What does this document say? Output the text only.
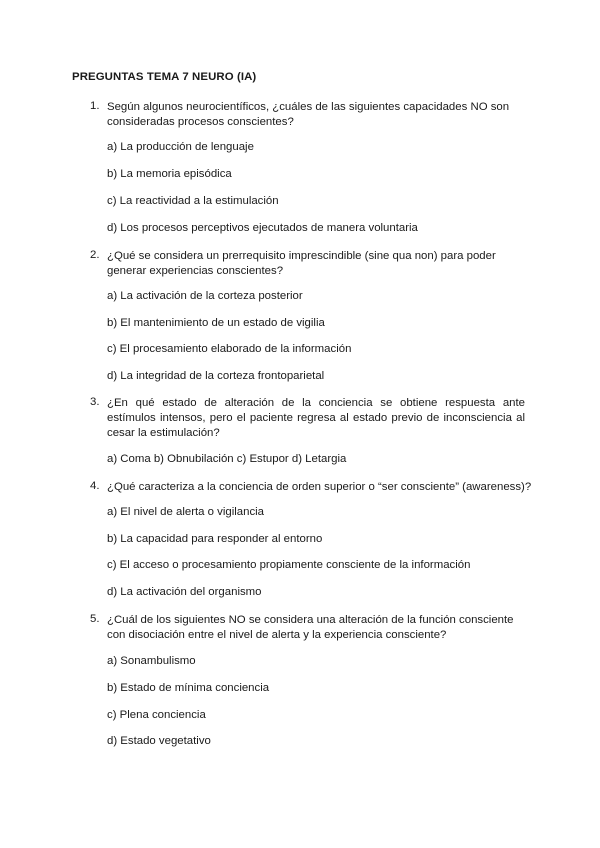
PREGUNTAS TEMA 7 NEURO (IA)
1. Según algunos neurocientíficos, ¿cuáles de las siguientes capacidades NO son consideradas procesos conscientes?
a) La producción de lenguaje
b) La memoria episódica
c) La reactividad a la estimulación
d) Los procesos perceptivos ejecutados de manera voluntaria
2. ¿Qué se considera un prerrequisito imprescindible (sine qua non) para poder generar experiencias conscientes?
a) La activación de la corteza posterior
b) El mantenimiento de un estado de vigilia
c) El procesamiento elaborado de la información
d) La integridad de la corteza frontoparietal
3. ¿En qué estado de alteración de la conciencia se obtiene respuesta ante estímulos intensos, pero el paciente regresa al estado previo de inconsciencia al cesar la estimulación?
a) Coma b) Obnubilación c) Estupor d) Letargia
4. ¿Qué caracteriza a la conciencia de orden superior o “ser consciente” (awareness)?
a) El nivel de alerta o vigilancia
b) La capacidad para responder al entorno
c) El acceso o procesamiento propiamente consciente de la información
d) La activación del organismo
5. ¿Cuál de los siguientes NO se considera una alteración de la función consciente con disociación entre el nivel de alerta y la experiencia consciente?
a) Sonambulismo
b) Estado de mínima conciencia
c) Plena conciencia
d) Estado vegetativo
